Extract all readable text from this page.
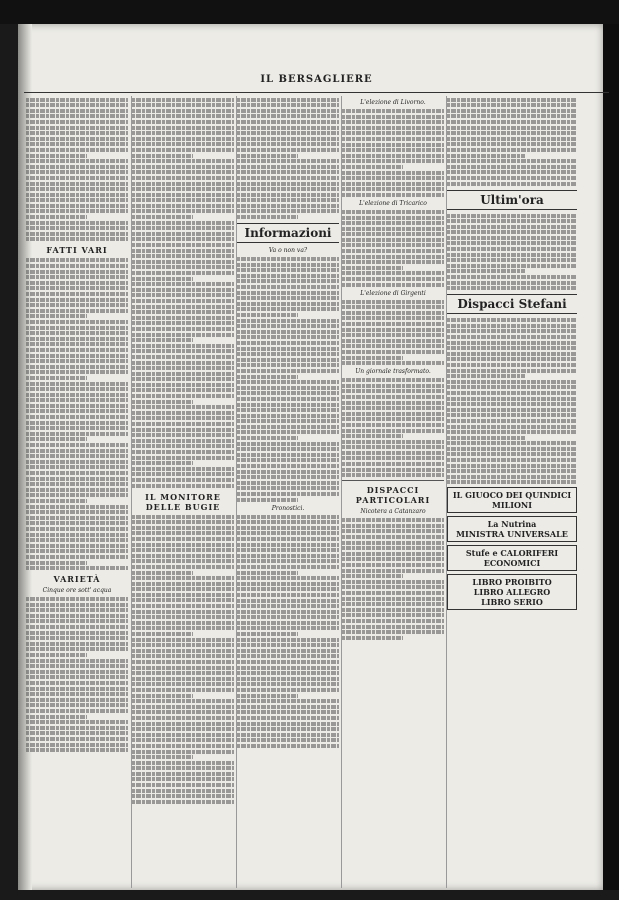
IL BERSAGLIERE
FATTI VARI
VARIETÀ
Cinque ore sott' acqua
IL MONITORE DELLE BUGIE
Informazioni
Va o non va?
Pronostici.
L'elezione di Livorno.
L'elezione di Tricarico
L'elezione di Girgenti
Un giornale trasformato.
DISPACCI PARTICOLARI
Nicotera a Catanzaro
Ultim'ora
Dispacci Stefani
IL GIUOCO DEI QUINDICI
MILIONI
La Nutrina
MINISTRA UNIVERSALE
Stufe e CALORIFERI ECONOMICI
LIBRO PROIBITO
LIBRO ALLEGRO
LIBRO SERIO
